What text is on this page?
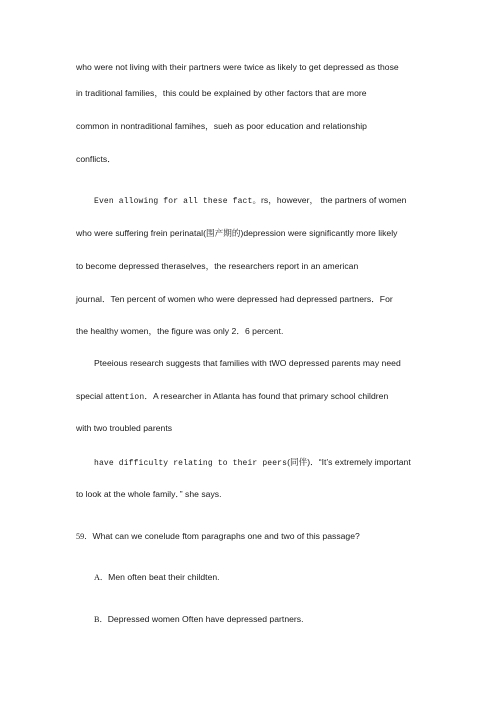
who were not living with their partners were twice as likely to get depressed as those
in traditional families，this could be explained by other factors that are more
common in nontraditional famihes，sueh as poor education and relationship
conflicts．
Even allowing for all these fact。rs，however， the partners of women
who were suffering frein perinatal(围产期的)depression were significantly more likely
to become depressed theraselves，the researchers report in an american
journal．Ten percent of women who were depressed had depressed partners．For
the healthy women，the figure was only 2．6 percent.
Pteeious research suggests that families with tWO depressed parents may need
special attention．A researcher in Atlanta has found that primary school children
with two troubled parents
have difficulty relating to their peers(同伴)．“It’s extremely important
to look at the whole family．” she says.
59．What can we conelude ftom paragraphs one and two of this passage?
A．Men often beat their childten.
B．Depressed women Often have depressed partners.
